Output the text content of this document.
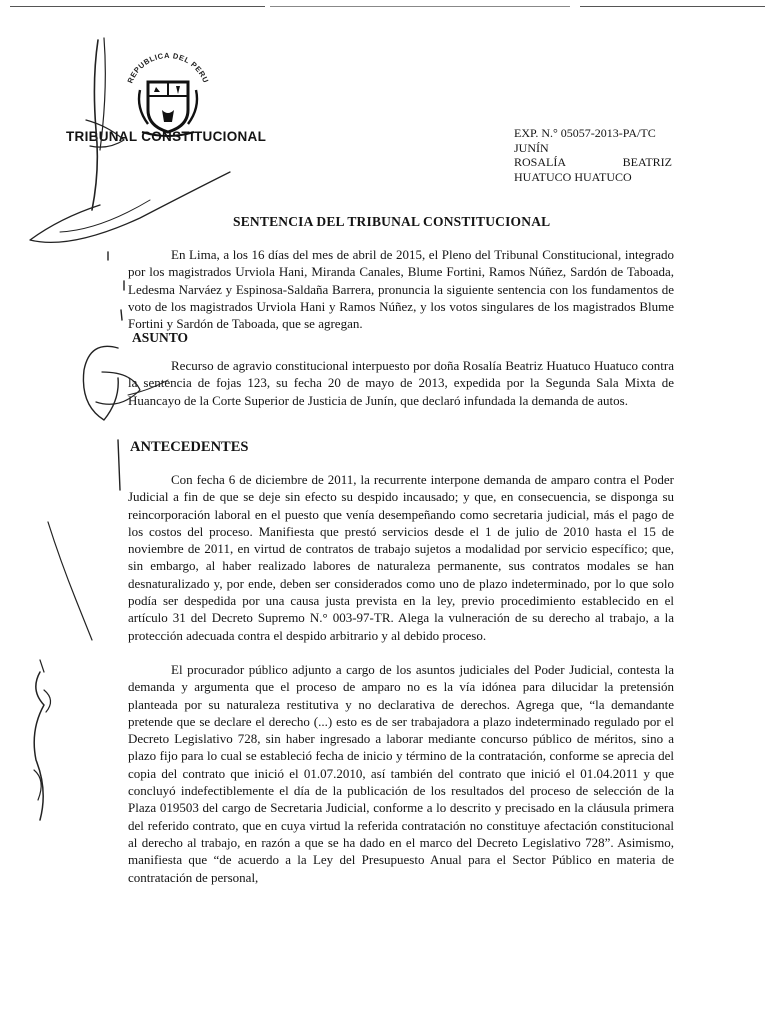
REPUBLICA DEL PERU
TRIBUNAL CONSTITUCIONAL	EXP. N.° 05057-2013-PA/TC
JUNÍN
ROSALÍA	BEATRIZ
HUATUCO HUATUCO
SENTENCIA DEL TRIBUNAL CONSTITUCIONAL
En Lima, a los 16 días del mes de abril de 2015, el Pleno del Tribunal Constitucional, integrado por los magistrados Urviola Hani, Miranda Canales, Blume Fortini, Ramos Núñez, Sardón de Taboada, Ledesma Narváez y Espinosa-Saldaña Barrera, pronuncia la siguiente sentencia con los fundamentos de voto de los magistrados Urviola Hani y Ramos Núñez, y los votos singulares de los magistrados Blume Fortini y Sardón de Taboada, que se agregan.
ASUNTO
Recurso de agravio constitucional interpuesto por doña Rosalía Beatriz Huatuco Huatuco contra la sentencia de fojas 123, su fecha 20 de mayo de 2013, expedida por la Segunda Sala Mixta de Huancayo de la Corte Superior de Justicia de Junín, que declaró infundada la demanda de autos.
ANTECEDENTES
Con fecha 6 de diciembre de 2011, la recurrente interpone demanda de amparo contra el Poder Judicial a fin de que se deje sin efecto su despido incausado; y que, en consecuencia, se disponga su reincorporación laboral en el puesto que venía desempeñando como secretaria judicial, más el pago de los costos del proceso. Manifiesta que prestó servicios desde el 1 de julio de 2010 hasta el 15 de noviembre de 2011, en virtud de contratos de trabajo sujetos a modalidad por servicio específico; que, sin embargo, al haber realizado labores de naturaleza permanente, sus contratos modales se han desnaturalizado y, por ende, deben ser considerados como uno de plazo indeterminado, por lo que solo podía ser despedida por una causa justa prevista en la ley, previo procedimiento establecido en el artículo 31 del Decreto Supremo N.° 003-97-TR. Alega la vulneración de su derecho al trabajo, a la protección adecuada contra el despido arbitrario y al debido proceso.
El procurador público adjunto a cargo de los asuntos judiciales del Poder Judicial, contesta la demanda y argumenta que el proceso de amparo no es la vía idónea para dilucidar la pretensión planteada por su naturaleza restitutiva y no declarativa de derechos. Agrega que, “la demandante pretende que se declare el derecho (...) esto es de ser trabajadora a plazo indeterminado regulado por el Decreto Legislativo 728, sin haber ingresado a laborar mediante concurso público de méritos, sino a plazo fijo para lo cual se estableció fecha de inicio y término de la contratación, conforme se aprecia del copia del contrato que inició el 01.07.2010, así también del contrato que inició el 01.04.2011 y que concluyó indefectiblemente el día de la publicación de los resultados del proceso de selección de la Plaza 019503 del cargo de Secretaria Judicial, conforme a lo descrito y precisado en la cláusula primera del referido contrato, que en cuya virtud la referida contratación no constituye afectación constitucional al derecho al trabajo, en razón a que se ha dado en el marco del Decreto Legislativo 728”. Asimismo, manifiesta que “de acuerdo a la Ley del Presupuesto Anual para el Sector Público en materia de contratación de personal,
